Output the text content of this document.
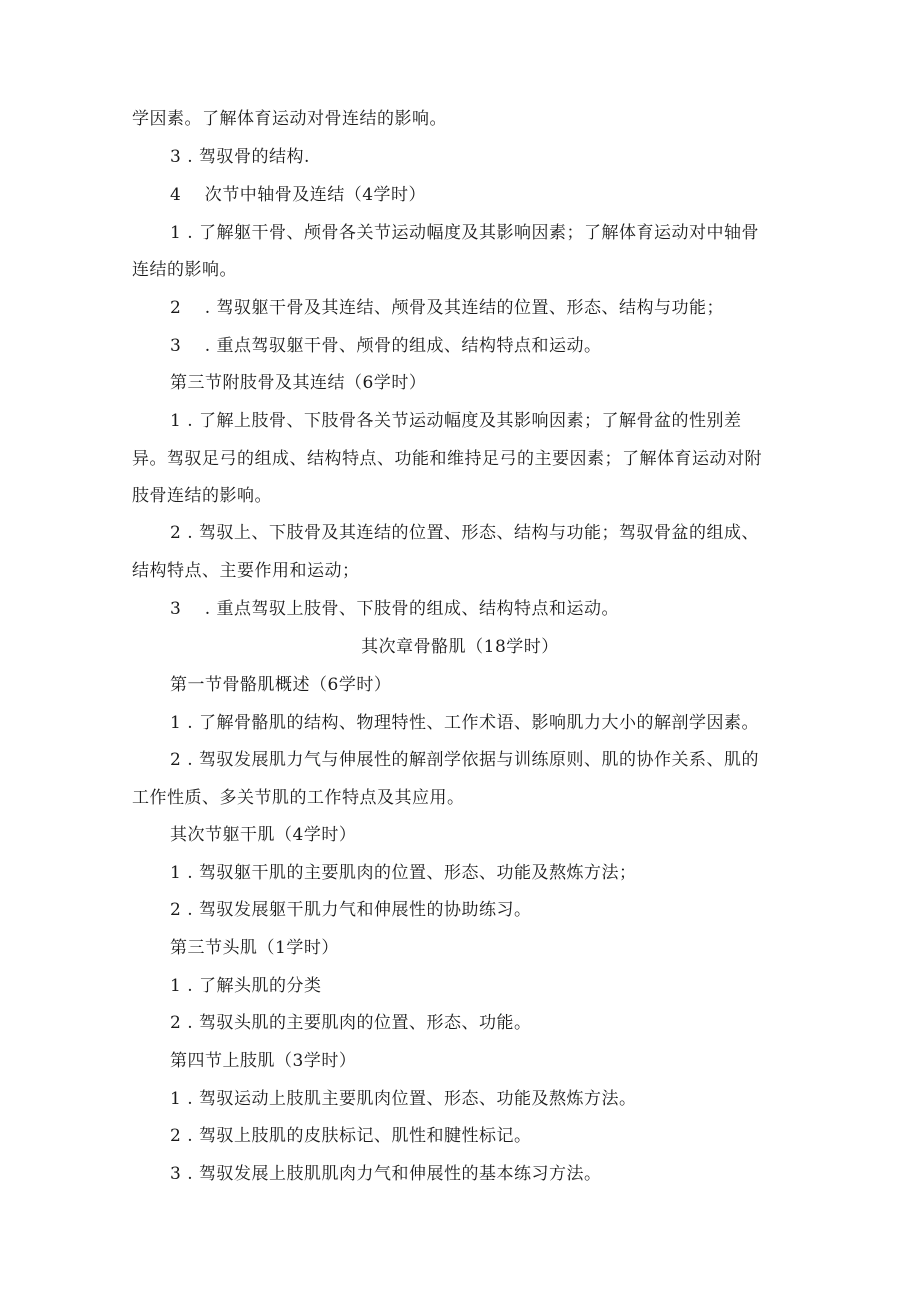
学因素。了解体育运动对骨连结的影响。
3 . 驾驭骨的结构.
4　 次节中轴骨及连结（4学时）
1 . 了解躯干骨、颅骨各关节运动幅度及其影响因素；了解体育运动对中轴骨
连结的影响。
2　 . 驾驭躯干骨及其连结、颅骨及其连结的位置、形态、结构与功能；
3　 . 重点驾驭躯干骨、颅骨的组成、结构特点和运动。
第三节附肢骨及其连结（6学时）
1 . 了解上肢骨、下肢骨各关节运动幅度及其影响因素；了解骨盆的性别差
异。驾驭足弓的组成、结构特点、功能和维持足弓的主要因素；了解体育运动对附
肢骨连结的影响。
2 . 驾驭上、下肢骨及其连结的位置、形态、结构与功能；驾驭骨盆的组成、
结构特点、主要作用和运动；
3　 . 重点驾驭上肢骨、下肢骨的组成、结构特点和运动。
其次章骨骼肌（18学时）
第一节骨骼肌概述（6学时）
1 . 了解骨骼肌的结构、物理特性、工作术语、影响肌力大小的解剖学因素。
2 . 驾驭发展肌力气与伸展性的解剖学依据与训练原则、肌的协作关系、肌的
工作性质、多关节肌的工作特点及其应用。
其次节躯干肌（4学时）
1 . 驾驭躯干肌的主要肌肉的位置、形态、功能及熬炼方法；
2 . 驾驭发展躯干肌力气和伸展性的协助练习。
第三节头肌（1学时）
1 . 了解头肌的分类
2 . 驾驭头肌的主要肌肉的位置、形态、功能。
第四节上肢肌（3学时）
1 . 驾驭运动上肢肌主要肌肉位置、形态、功能及熬炼方法。
2 . 驾驭上肢肌的皮肤标记、肌性和腱性标记。
3 . 驾驭发展上肢肌肌肉力气和伸展性的基本练习方法。
